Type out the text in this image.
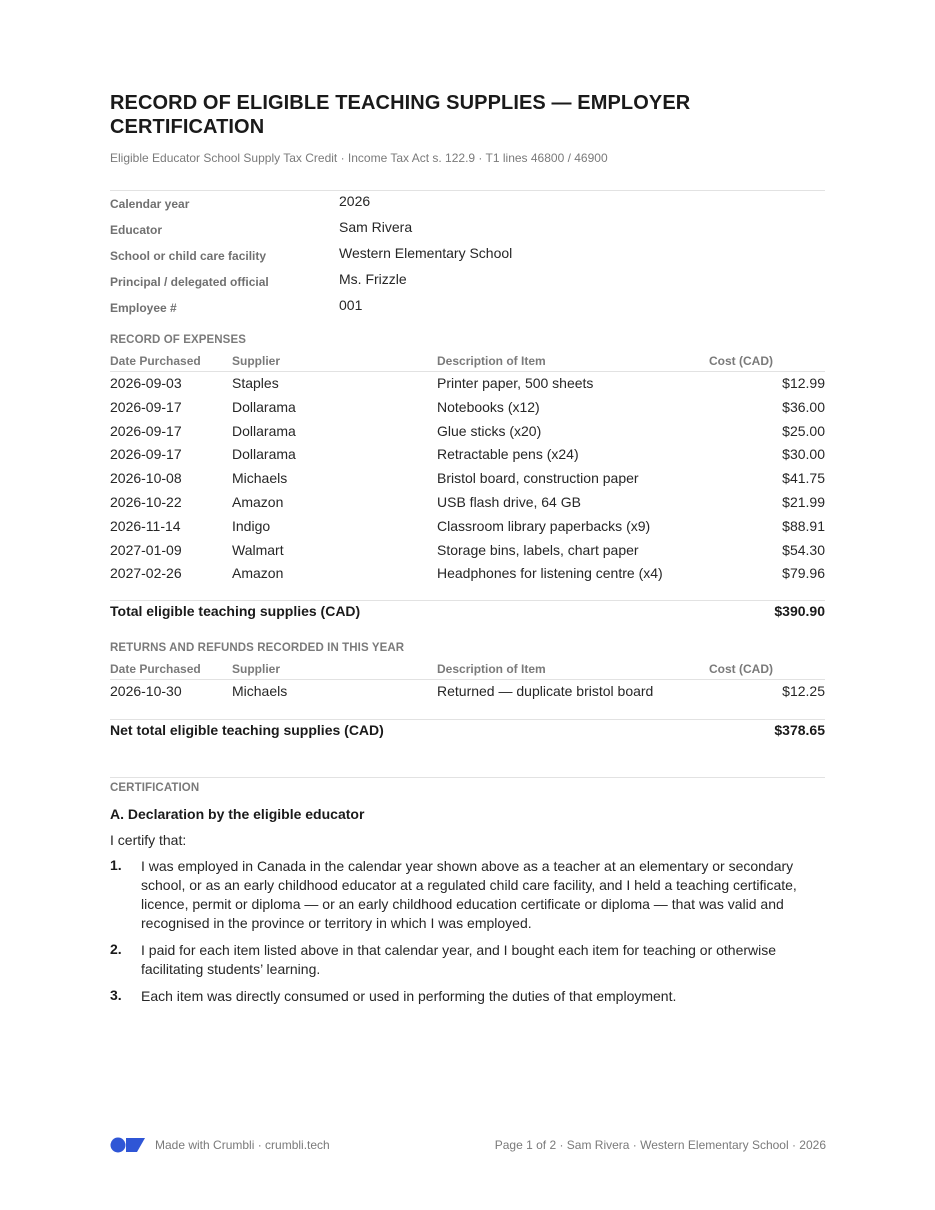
RECORD OF ELIGIBLE TEACHING SUPPLIES — EMPLOYER CERTIFICATION
Eligible Educator School Supply Tax Credit · Income Tax Act s. 122.9 · T1 lines 46800 / 46900
Calendar year	2026
Educator	Sam Rivera
School or child care facility	Western Elementary School
Principal / delegated official	Ms. Frizzle
Employee #	001
RECORD OF EXPENSES
Date Purchased	Supplier	Description of Item	Cost (CAD)
2026-09-03	Staples	Printer paper, 500 sheets	$12.99
2026-09-17	Dollarama	Notebooks (x12)	$36.00
2026-09-17	Dollarama	Glue sticks (x20)	$25.00
2026-09-17	Dollarama	Retractable pens (x24)	$30.00
2026-10-08	Michaels	Bristol board, construction paper	$41.75
2026-10-22	Amazon	USB flash drive, 64 GB	$21.99
2026-11-14	Indigo	Classroom library paperbacks (x9)	$88.91
2027-01-09	Walmart	Storage bins, labels, chart paper	$54.30
2027-02-26	Amazon	Headphones for listening centre (x4)	$79.96
Total eligible teaching supplies (CAD)	$390.90
RETURNS AND REFUNDS RECORDED IN THIS YEAR
Date Purchased	Supplier	Description of Item	Cost (CAD)
2026-10-30	Michaels	Returned — duplicate bristol board	$12.25
Net total eligible teaching supplies (CAD)	$378.65
CERTIFICATION
A. Declaration by the eligible educator
I certify that:
1. I was employed in Canada in the calendar year shown above as a teacher at an elementary or secondary school, or as an early childhood educator at a regulated child care facility, and I held a teaching certificate, licence, permit or diploma — or an early childhood education certificate or diploma — that was valid and recognised in the province or territory in which I was employed.
2. I paid for each item listed above in that calendar year, and I bought each item for teaching or otherwise facilitating students’ learning.
3. Each item was directly consumed or used in performing the duties of that employment.
Made with Crumbli · crumbli.tech	Page 1 of 2 · Sam Rivera · Western Elementary School · 2026
